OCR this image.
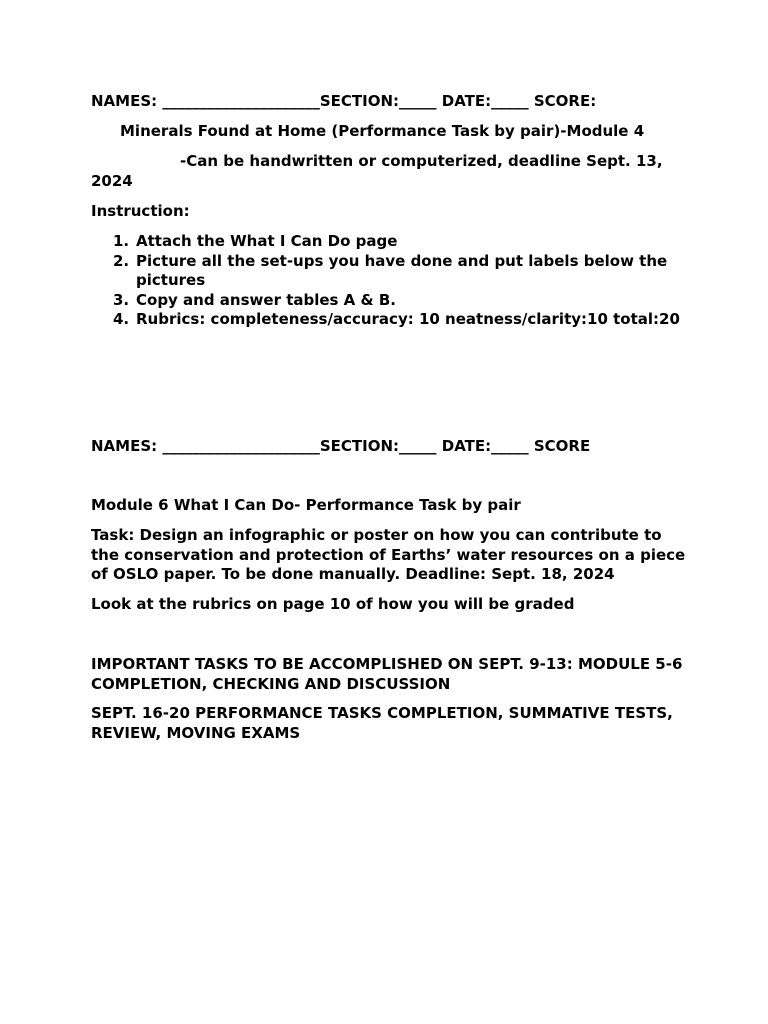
NAMES: _____________________SECTION:_____ DATE:_____ SCORE:
Minerals Found at Home (Performance Task by pair)-Module 4
-Can be handwritten or computerized, deadline Sept. 13, 2024
Instruction:
1. Attach the What I Can Do page
2. Picture all the set-ups you have done and put labels below the pictures
3. Copy and answer tables A & B.
4. Rubrics: completeness/accuracy: 10 neatness/clarity:10 total:20
NAMES: _____________________SECTION:_____ DATE:_____ SCORE
Module 6 What I Can Do- Performance Task by pair
Task: Design an infographic or poster on how you can contribute to the conservation and protection of Earths’ water resources on a piece of OSLO paper. To be done manually. Deadline: Sept. 18, 2024
Look at the rubrics on page 10 of how you will be graded
IMPORTANT TASKS TO BE ACCOMPLISHED ON SEPT. 9-13: MODULE 5-6 COMPLETION, CHECKING AND DISCUSSION
SEPT. 16-20 PERFORMANCE TASKS COMPLETION, SUMMATIVE TESTS, REVIEW, MOVING EXAMS
